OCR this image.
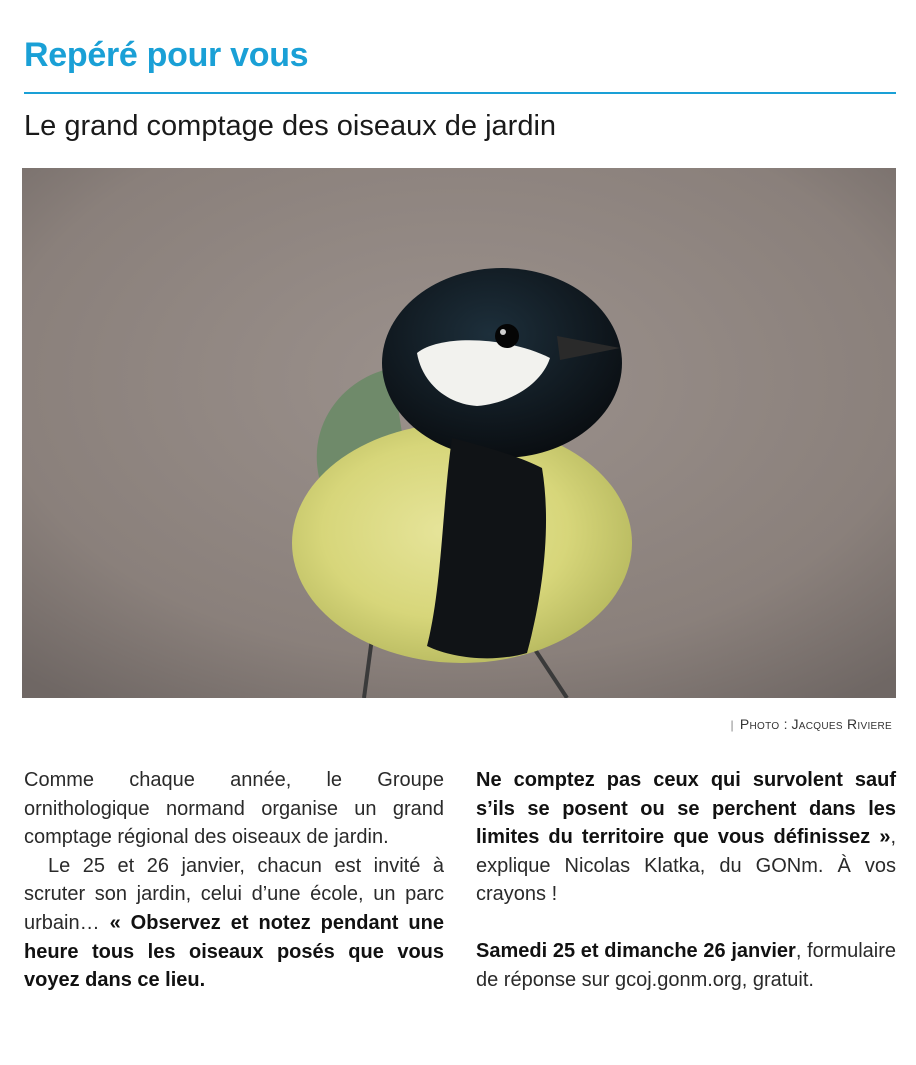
Repéré pour vous
Le grand comptage des oiseaux de jardin
| Photo : Jacques Riviere

Comme chaque année, le Groupe ornithologique normand organise un grand comptage régional des oiseaux de jardin.

Le 25 et 26 janvier, chacun est invité à scruter son jardin, celui d’une école, un parc urbain… « Observez et notez pendant une heure tous les oiseaux posés que vous voyez dans ce lieu.

Ne comptez pas ceux qui survolent sauf s’ils se posent ou se perchent dans les limites du territoire que vous définissez », explique Nicolas Klatka, du GONm. À vos crayons !

Samedi 25 et dimanche 26 janvier, formulaire de réponse sur gcoj.gonm.org, gratuit.
